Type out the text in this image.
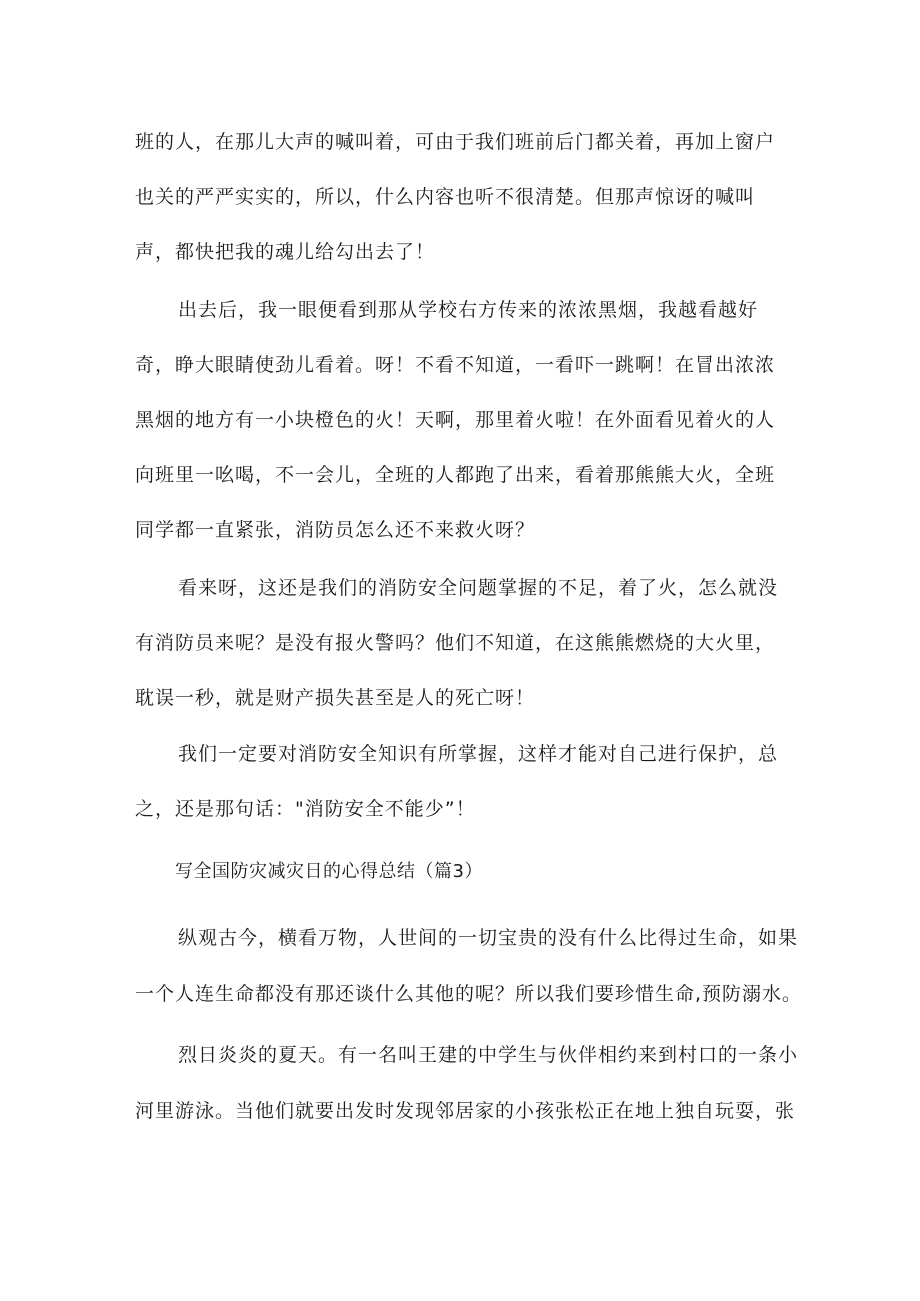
班的人，在那儿大声的喊叫着，可由于我们班前后门都关着，再加上窗户

也关的严严实实的，所以，什么内容也听不很清楚。但那声惊讶的喊叫

声，都快把我的魂儿给勾出去了！

出去后，我一眼便看到那从学校右方传来的浓浓黑烟，我越看越好

奇，睁大眼睛使劲儿看着。呀！不看不知道，一看吓一跳啊！在冒出浓浓

黑烟的地方有一小块橙色的火！天啊，那里着火啦！在外面看见着火的人

向班里一吆喝，不一会儿，全班的人都跑了出来，看着那熊熊大火，全班

同学都一直紧张，消防员怎么还不来救火呀？

看来呀，这还是我们的消防安全问题掌握的不足，着了火，怎么就没

有消防员来呢？是没有报火警吗？他们不知道，在这熊熊燃烧的大火里，

耽误一秒，就是财产损失甚至是人的死亡呀！

我们一定要对消防安全知识有所掌握，这样才能对自己进行保护，总

之，还是那句话："消防安全不能少”！

写全国防灾减灾日的心得总结（篇3）

纵观古今，横看万物，人世间的一切宝贵的没有什么比得过生命，如果

一个人连生命都没有那还谈什么其他的呢？所以我们要珍惜生命,预防溺水。

烈日炎炎的夏天。有一名叫王建的中学生与伙伴相约来到村口的一条小

河里游泳。当他们就要出发时发现邻居家的小孩张松正在地上独自玩耍，张
